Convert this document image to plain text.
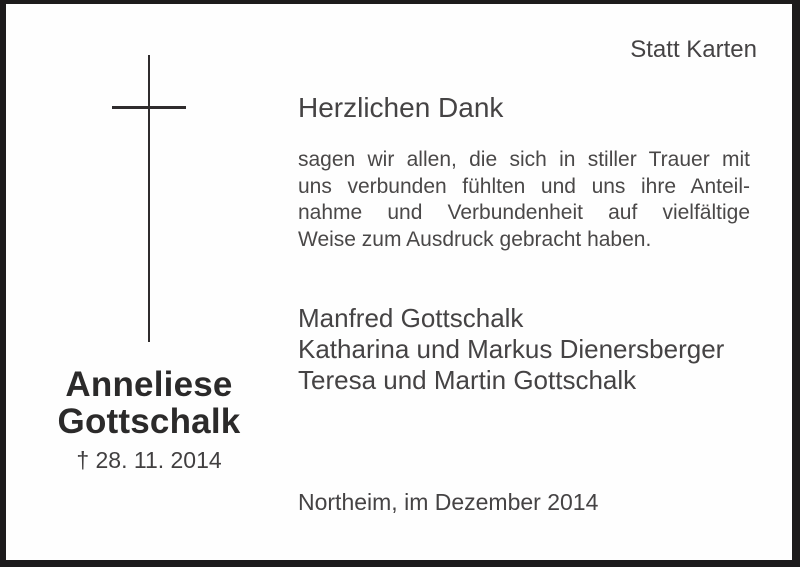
Statt Karten
Anneliese
Gottschalk
† 28. 11. 2014
Herzlichen Dank
sagen wir allen, die sich in stiller Trauer mit
uns verbunden fühlten und uns ihre Anteil-
nahme und Verbundenheit auf vielfältige
Weise zum Ausdruck gebracht haben.
Manfred Gottschalk
Katharina und Markus Dienersberger
Teresa und Martin Gottschalk
Northeim, im Dezember 2014
